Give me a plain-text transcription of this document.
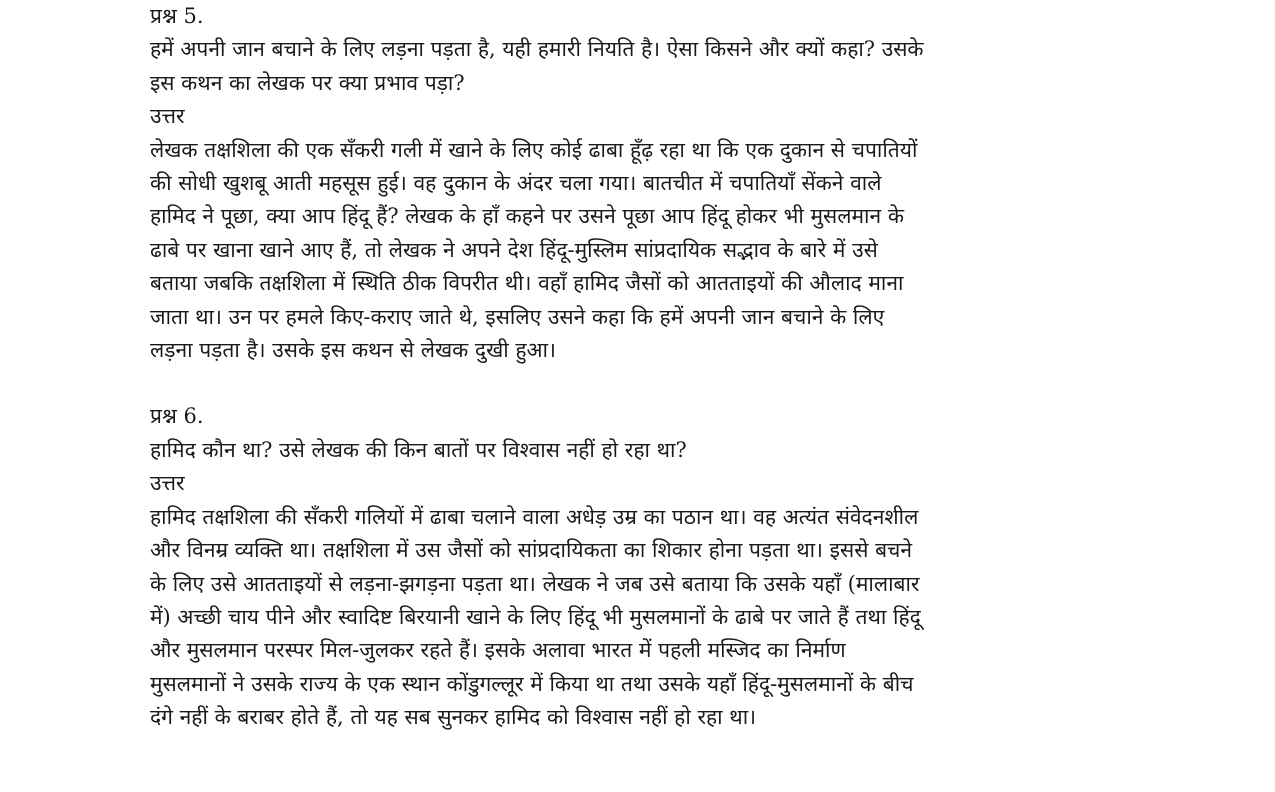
प्रश्न 5.
हमें अपनी जान बचाने के लिए लड़ना पड़ता है, यही हमारी नियति है। ऐसा किसने और क्यों कहा? उसके
इस कथन का लेखक पर क्या प्रभाव पड़ा?
उत्तर
लेखक तक्षशिला की एक सँकरी गली में खाने के लिए कोई ढाबा हूँढ़ रहा था कि एक दुकान से चपातियों
की सोधी खुशबू आती महसूस हुई। वह दुकान के अंदर चला गया। बातचीत में चपातियाँ सेंकने वाले
हामिद ने पूछा, क्या आप हिंदू हैं? लेखक के हाँ कहने पर उसने पूछा आप हिंदू होकर भी मुसलमान के
ढाबे पर खाना खाने आए हैं, तो लेखक ने अपने देश हिंदू-मुस्लिम सांप्रदायिक सद्भाव के बारे में उसे
बताया जबकि तक्षशिला में स्थिति ठीक विपरीत थी। वहाँ हामिद जैसों को आतताइयों की औलाद माना
जाता था। उन पर हमले किए-कराए जाते थे, इसलिए उसने कहा कि हमें अपनी जान बचाने के लिए
लड़ना पड़ता है। उसके इस कथन से लेखक दुखी हुआ।
प्रश्न 6.
हामिद कौन था? उसे लेखक की किन बातों पर विश्वास नहीं हो रहा था?
उत्तर
हामिद तक्षशिला की सँकरी गलियों में ढाबा चलाने वाला अधेड़ उम्र का पठान था। वह अत्यंत संवेदनशील
और विनम्र व्यक्ति था। तक्षशिला में उस जैसों को सांप्रदायिकता का शिकार होना पड़ता था। इससे बचने
के लिए उसे आतताइयों से लड़ना-झगड़ना पड़ता था। लेखक ने जब उसे बताया कि उसके यहाँ (मालाबार
में) अच्छी चाय पीने और स्वादिष्ट बिरयानी खाने के लिए हिंदू भी मुसलमानों के ढाबे पर जाते हैं तथा हिंदू
और मुसलमान परस्पर मिल-जुलकर रहते हैं। इसके अलावा भारत में पहली मस्जिद का निर्माण
मुसलमानों ने उसके राज्य के एक स्थान कोंडुगल्लूर में किया था तथा उसके यहाँ हिंदू-मुसलमानों के बीच
दंगे नहीं के बराबर होते हैं, तो यह सब सुनकर हामिद को विश्वास नहीं हो रहा था।
